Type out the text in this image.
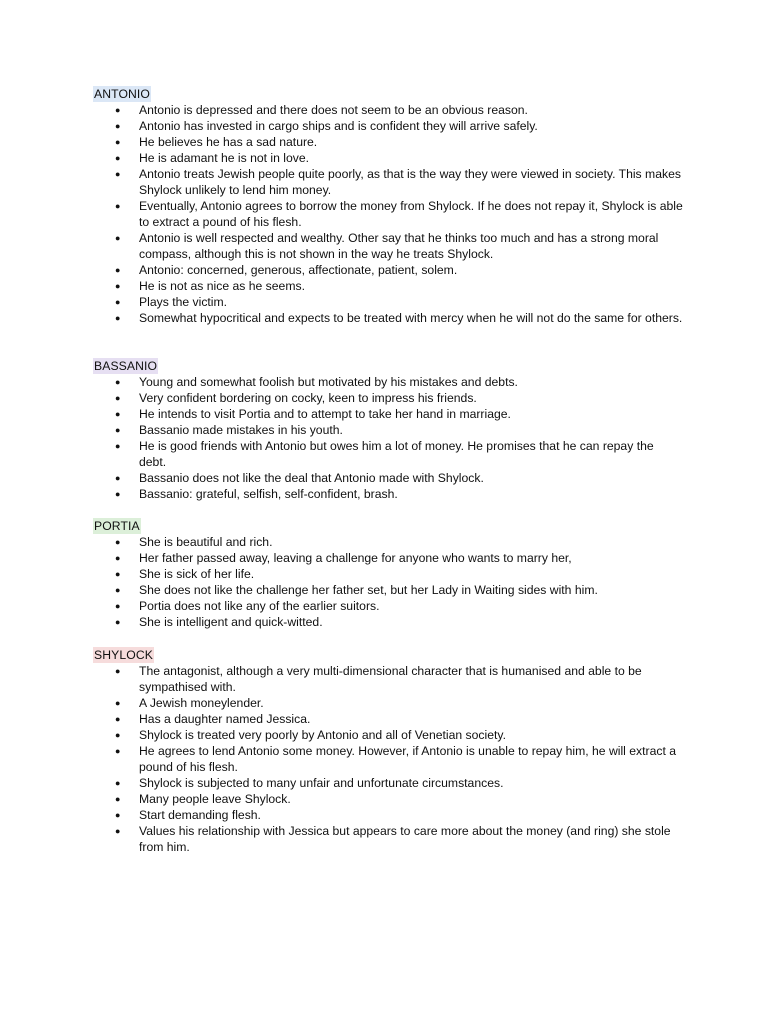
ANTONIO
● Antonio is depressed and there does not seem to be an obvious reason.
● Antonio has invested in cargo ships and is confident they will arrive safely.
● He believes he has a sad nature.
● He is adamant he is not in love.
● Antonio treats Jewish people quite poorly, as that is the way they were viewed in society. This makes Shylock unlikely to lend him money.
● Eventually, Antonio agrees to borrow the money from Shylock. If he does not repay it, Shylock is able to extract a pound of his flesh.
● Antonio is well respected and wealthy. Other say that he thinks too much and has a strong moral compass, although this is not shown in the way he treats Shylock.
● Antonio: concerned, generous, affectionate, patient, solem.
● He is not as nice as he seems.
● Plays the victim.
● Somewhat hypocritical and expects to be treated with mercy when he will not do the same for others.
BASSANIO
● Young and somewhat foolish but motivated by his mistakes and debts.
● Very confident bordering on cocky, keen to impress his friends.
● He intends to visit Portia and to attempt to take her hand in marriage.
● Bassanio made mistakes in his youth.
● He is good friends with Antonio but owes him a lot of money. He promises that he can repay the debt.
● Bassanio does not like the deal that Antonio made with Shylock.
● Bassanio: grateful, selfish, self-confident, brash.
PORTIA
● She is beautiful and rich.
● Her father passed away, leaving a challenge for anyone who wants to marry her,
● She is sick of her life.
● She does not like the challenge her father set, but her Lady in Waiting sides with him.
● Portia does not like any of the earlier suitors.
● She is intelligent and quick-witted.
SHYLOCK
● The antagonist, although a very multi-dimensional character that is humanised and able to be sympathised with.
● A Jewish moneylender.
● Has a daughter named Jessica.
● Shylock is treated very poorly by Antonio and all of Venetian society.
● He agrees to lend Antonio some money. However, if Antonio is unable to repay him, he will extract a pound of his flesh.
● Shylock is subjected to many unfair and unfortunate circumstances.
● Many people leave Shylock.
● Start demanding flesh.
● Values his relationship with Jessica but appears to care more about the money (and ring) she stole from him.
